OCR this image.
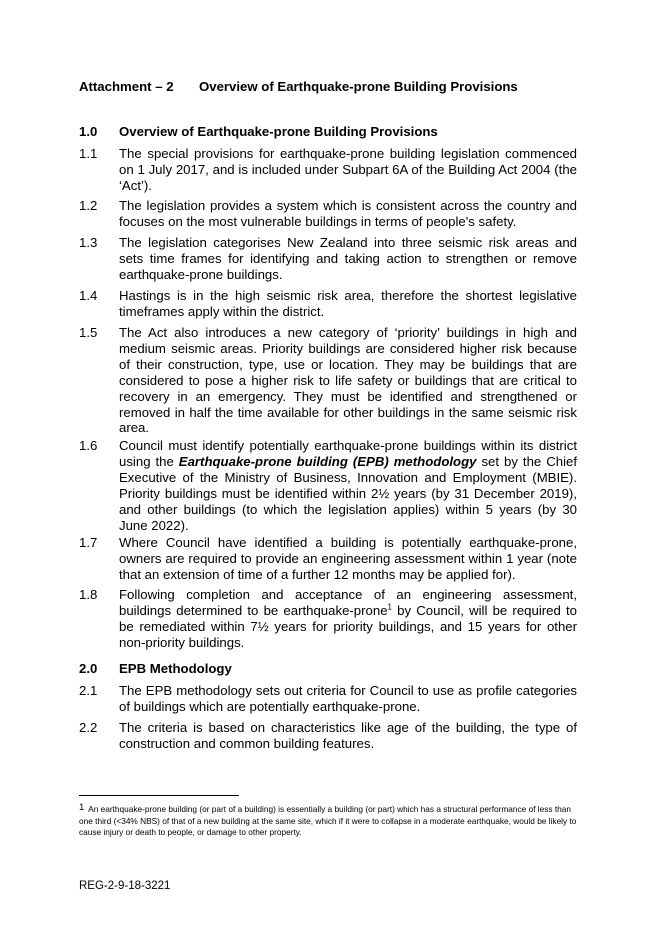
Attachment – 2 Overview of Earthquake-prone Building Provisions
1.0 Overview of Earthquake-prone Building Provisions
1.1 The special provisions for earthquake-prone building legislation commenced on 1 July 2017, and is included under Subpart 6A of the Building Act 2004 (the ‘Act’).
1.2 The legislation provides a system which is consistent across the country and focuses on the most vulnerable buildings in terms of people's safety.
1.3 The legislation categorises New Zealand into three seismic risk areas and sets time frames for identifying and taking action to strengthen or remove earthquake-prone buildings.
1.4 Hastings is in the high seismic risk area, therefore the shortest legislative timeframes apply within the district.
1.5 The Act also introduces a new category of ‘priority’ buildings in high and medium seismic areas. Priority buildings are considered higher risk because of their construction, type, use or location. They may be buildings that are considered to pose a higher risk to life safety or buildings that are critical to recovery in an emergency. They must be identified and strengthened or removed in half the time available for other buildings in the same seismic risk area.
1.6 Council must identify potentially earthquake-prone buildings within its district using the Earthquake-prone building (EPB) methodology set by the Chief Executive of the Ministry of Business, Innovation and Employment (MBIE). Priority buildings must be identified within 2½ years (by 31 December 2019), and other buildings (to which the legislation applies) within 5 years (by 30 June 2022).
1.7 Where Council have identified a building is potentially earthquake-prone, owners are required to provide an engineering assessment within 1 year (note that an extension of time of a further 12 months may be applied for).
1.8 Following completion and acceptance of an engineering assessment, buildings determined to be earthquake-prone$^1$ by Council, will be required to be remediated within 7½ years for priority buildings, and 15 years for other non-priority buildings.
2.0 EPB Methodology
2.1 The EPB methodology sets out criteria for Council to use as profile categories of buildings which are potentially earthquake-prone.
2.2 The criteria is based on characteristics like age of the building, the type of construction and common building features.
1 An earthquake-prone building (or part of a building) is essentially a building (or part) which has a structural performance of less than one third (<34% NBS) of that of a new building at the same site, which if it were to collapse in a moderate earthquake, would be likely to cause injury or death to people, or damage to other property.
REG-2-9-18-3221
